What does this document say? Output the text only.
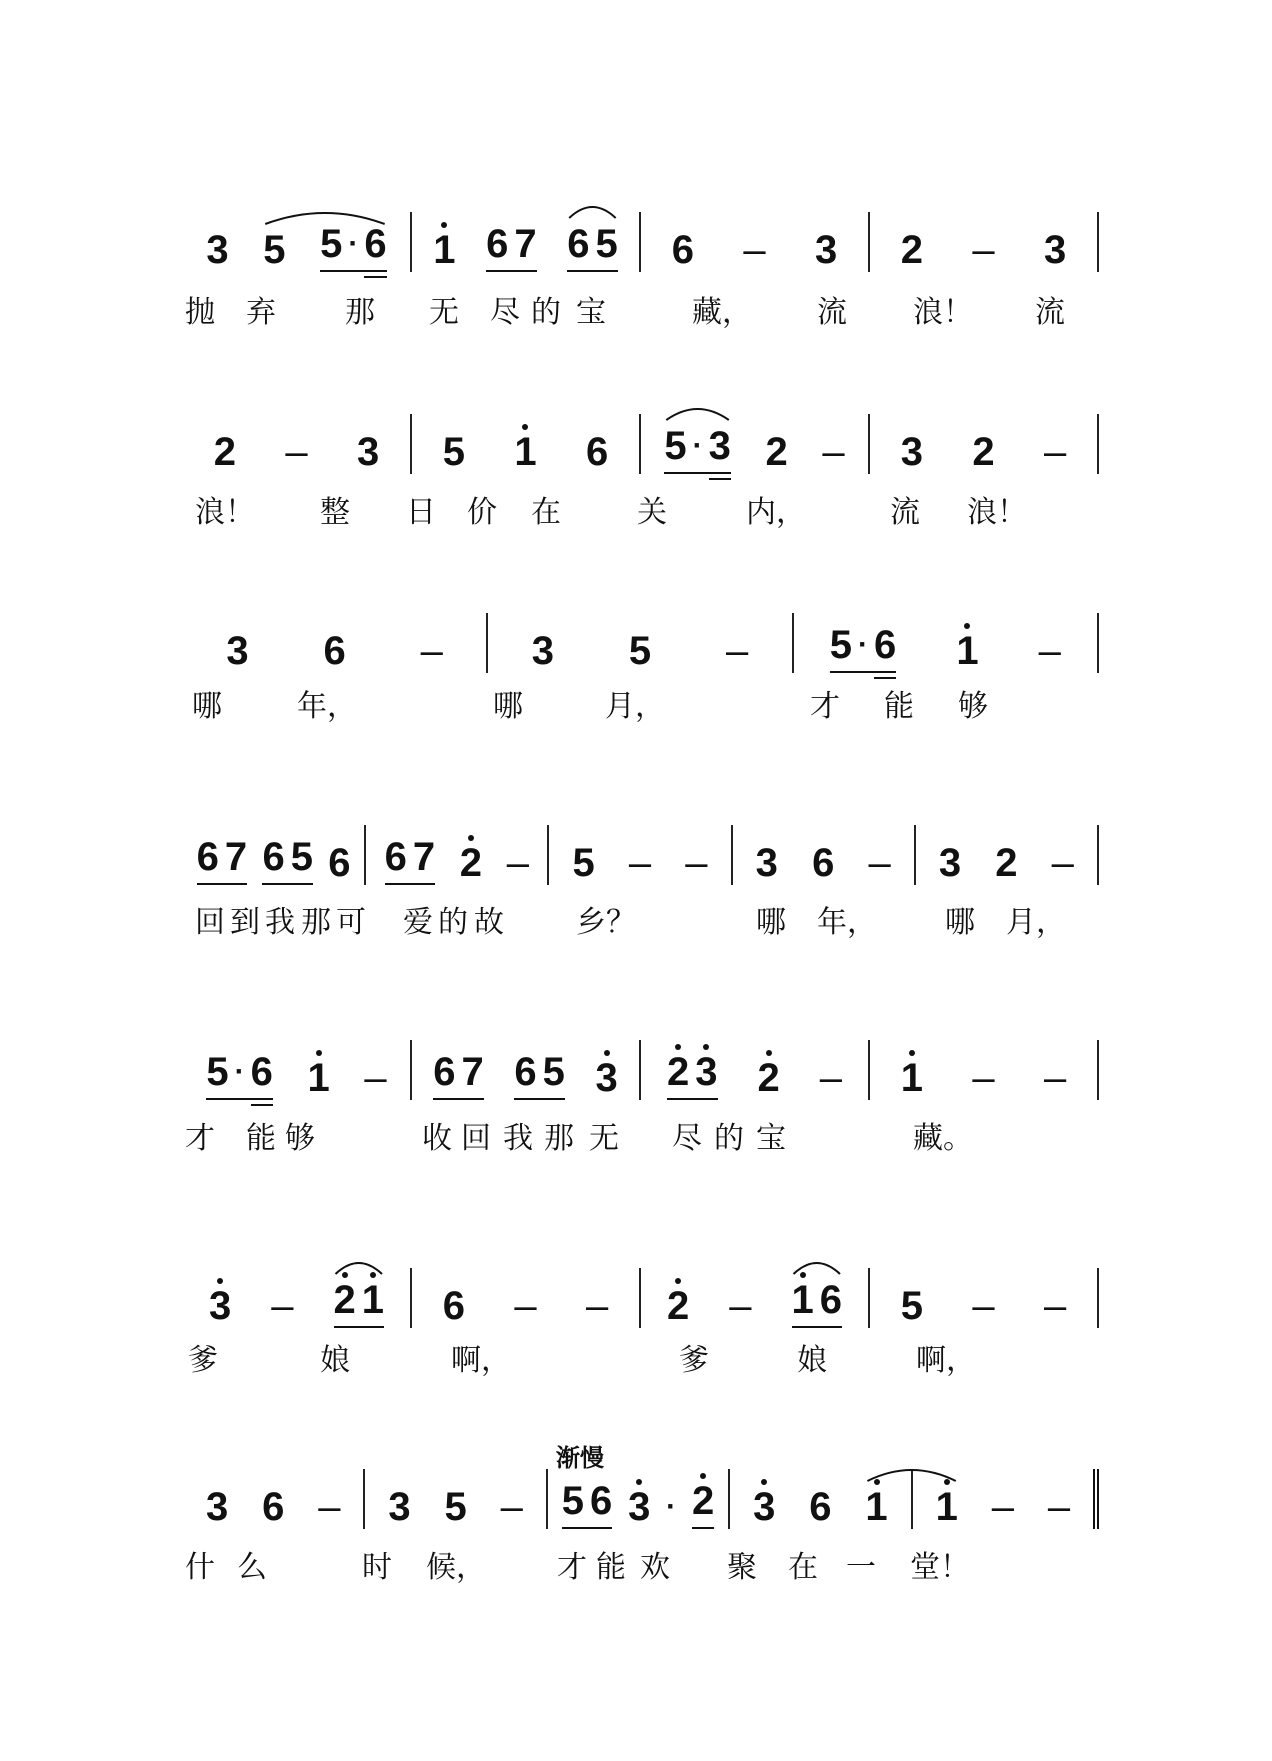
3 5 5 · 6 1 6 7 6 5 6 – 3 2 – 3
抛 弃 那 无 尽 的 宝	藏， 流 浪！ 流
2 – 3 5 1 6 5 · 3 2 – 3 2 –
浪！ 整 日 价 在	关	内，	流 浪！
3 6 – 3 5 – 5 · 6 1 –
哪	年，	哪	月，	才 能 够
6 7 6 5 6 6 7 2 – 5 – – 3 6 – 3 2 –
回 到 我 那 可 爱 的 故 乡？	哪 年， 哪 月，
5 · 6 1 – 6 7 6 5 3 2 3 2 – 1 – –
才 能 够	收 回 我 那 无 尽 的 宝	藏。
3 – 2 1 6 – – 2 – 1 6 5 – –
爹	娘	啊，	爹	娘	啊，
3 6 – 3 5 – 5 6 3 · 2 3 6 1 1 – –
什 么	时 候， 才 能 欢 聚 在 一 堂！
渐慢
